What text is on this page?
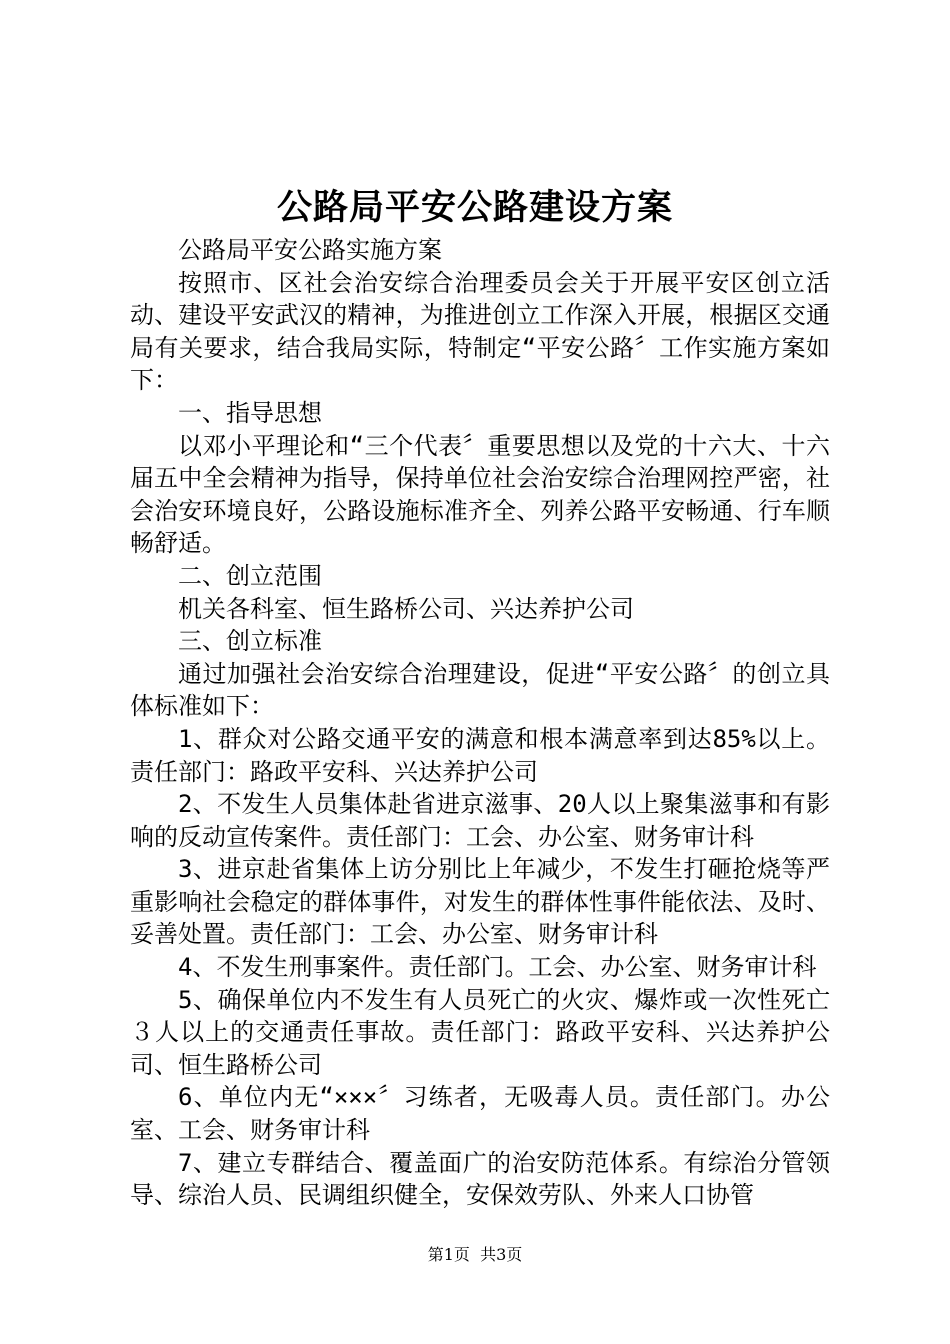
公路局平安公路建设方案

公路局平安公路实施方案

按照市、区社会治安综合治理委员会关于开展平安区创立活动、建设平安武汉的精神，为推进创立工作深入开展，根据区交通局有关要求，结合我局实际，特制定“平安公路〞工作实施方案如下：

一、指导思想

以邓小平理论和“三个代表〞重要思想以及党的十六大、十六届五中全会精神为指导，保持单位社会治安综合治理网控严密，社会治安环境良好，公路设施标准齐全、列养公路平安畅通、行车顺畅舒适。

二、创立范围

机关各科室、恒生路桥公司、兴达养护公司

三、创立标准

通过加强社会治安综合治理建设，促进“平安公路〞的创立具体标准如下：

1、群众对公路交通平安的满意和根本满意率到达85%以上。责任部门：路政平安科、兴达养护公司

2、不发生人员集体赴省进京滋事、20人以上聚集滋事和有影响的反动宣传案件。责任部门：工会、办公室、财务审计科

3、进京赴省集体上访分别比上年减少，不发生打砸抢烧等严重影响社会稳定的群体事件，对发生的群体性事件能依法、及时、妥善处置。责任部门：工会、办公室、财务审计科

4、不发生刑事案件。责任部门。工会、办公室、财务审计科

5、确保单位内不发生有人员死亡的火灾、爆炸或一次性死亡３人以上的交通责任事故。责任部门：路政平安科、兴达养护公司、恒生路桥公司

6、单位内无“×××〞习练者，无吸毒人员。责任部门。办公室、工会、财务审计科

7、建立专群结合、覆盖面广的治安防范体系。有综治分管领导、综治人员、民调组织健全，安保效劳队、外来人口协管

第1页 共3页
